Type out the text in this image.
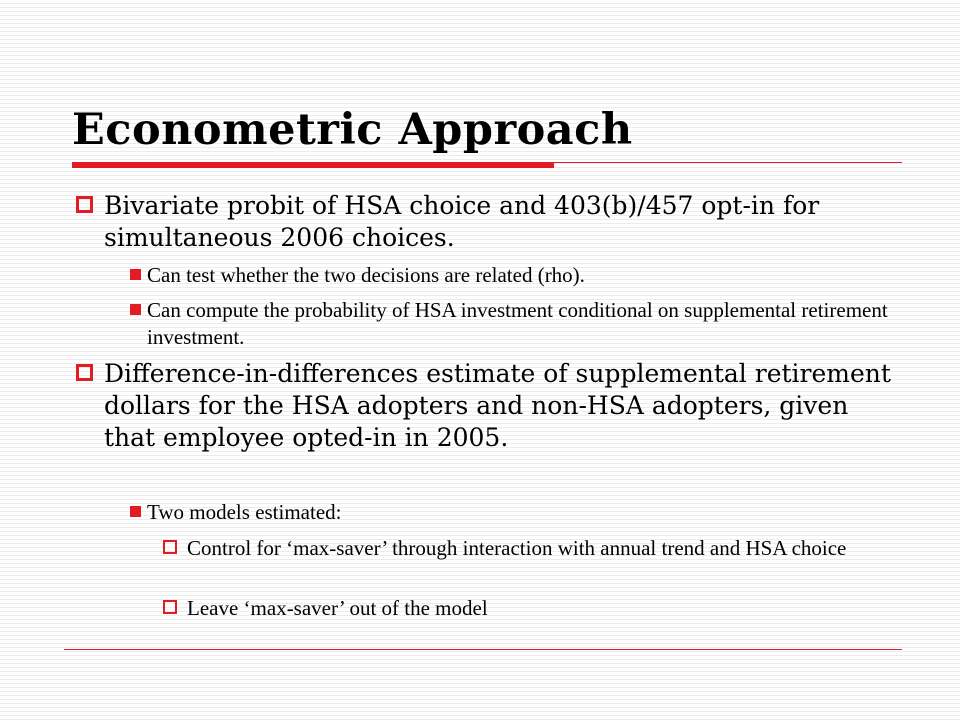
Econometric Approach
Bivariate probit of HSA choice and 403(b)/457 opt-in for simultaneous 2006 choices.
Can test whether the two decisions are related (rho).
Can compute the probability of HSA investment conditional on supplemental retirement investment.
Difference-in-differences estimate of supplemental retirement dollars for the HSA adopters and non-HSA adopters, given that employee opted-in in 2005.
Two models estimated:
Control for ‘max-saver’ through interaction with annual trend and HSA choice
Leave ‘max-saver’ out of the model
